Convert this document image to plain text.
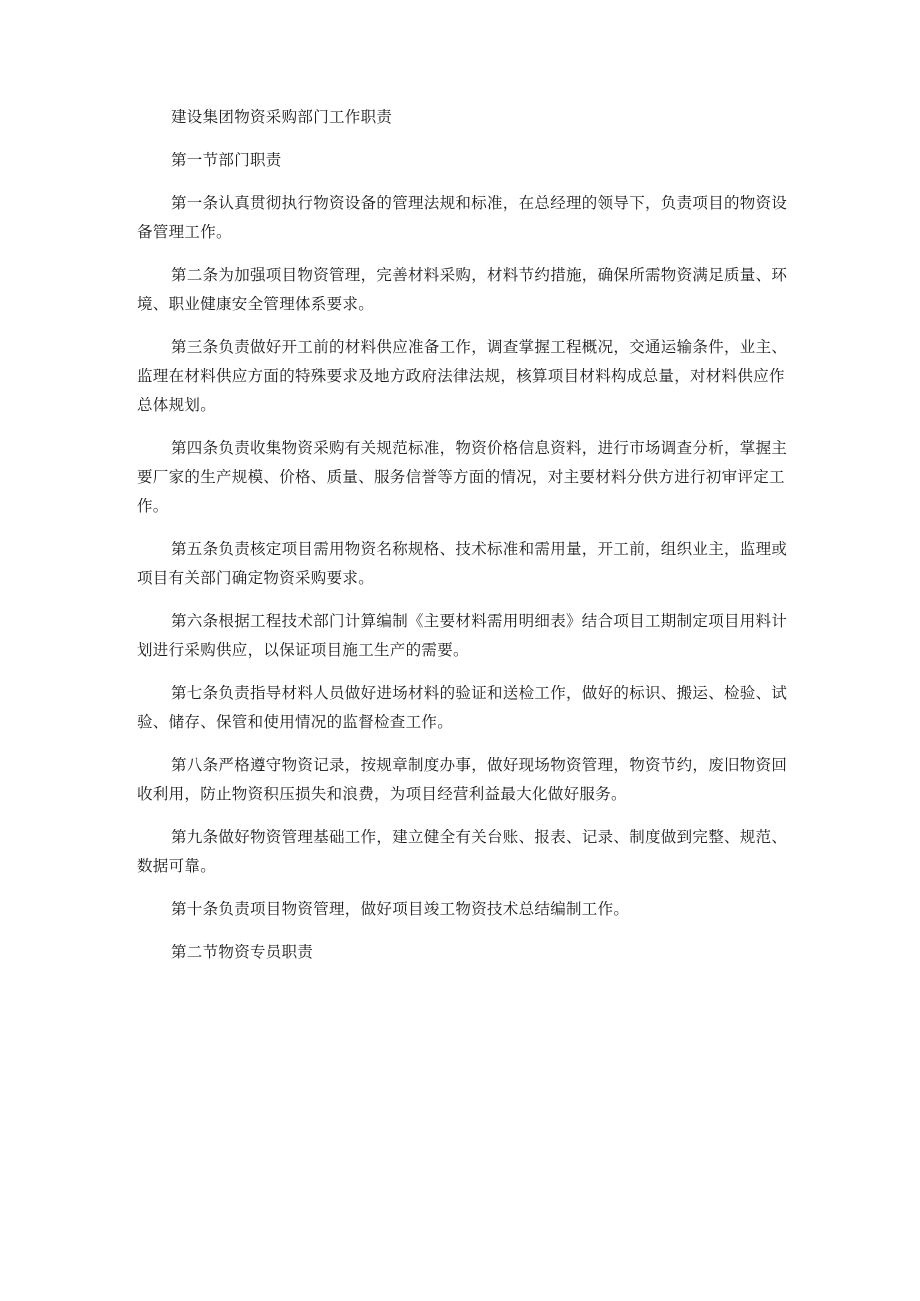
建设集团物资采购部门工作职责

第一节部门职责

第一条认真贯彻执行物资设备的管理法规和标准，在总经理的领导下，负责项目的物资设

备管理工作。

第二条为加强项目物资管理，完善材料采购，材料节约措施，确保所需物资满足质量、环

境、职业健康安全管理体系要求。

第三条负责做好开工前的材料供应准备工作，调查掌握工程概况，交通运输条件，业主、

监理在材料供应方面的特殊要求及地方政府法律法规，核算项目材料构成总量，对材料供应作

总体规划。

第四条负责收集物资采购有关规范标准，物资价格信息资料，进行市场调查分析，掌握主

要厂家的生产规模、价格、质量、服务信誉等方面的情况，对主要材料分供方进行初审评定工

作。

第五条负责核定项目需用物资名称规格、技术标准和需用量，开工前，组织业主，监理或

项目有关部门确定物资采购要求。

第六条根据工程技术部门计算编制《主要材料需用明细表》结合项目工期制定项目用料计

划进行采购供应，以保证项目施工生产的需要。

第七条负责指导材料人员做好进场材料的验证和送检工作，做好的标识、搬运、检验、试

验、储存、保管和使用情况的监督检查工作。

第八条严格遵守物资记录，按规章制度办事，做好现场物资管理，物资节约，废旧物资回

收利用，防止物资积压损失和浪费，为项目经营利益最大化做好服务。

第九条做好物资管理基础工作，建立健全有关台账、报表、记录、制度做到完整、规范、

数据可靠。

第十条负责项目物资管理，做好项目竣工物资技术总结编制工作。

第二节物资专员职责
